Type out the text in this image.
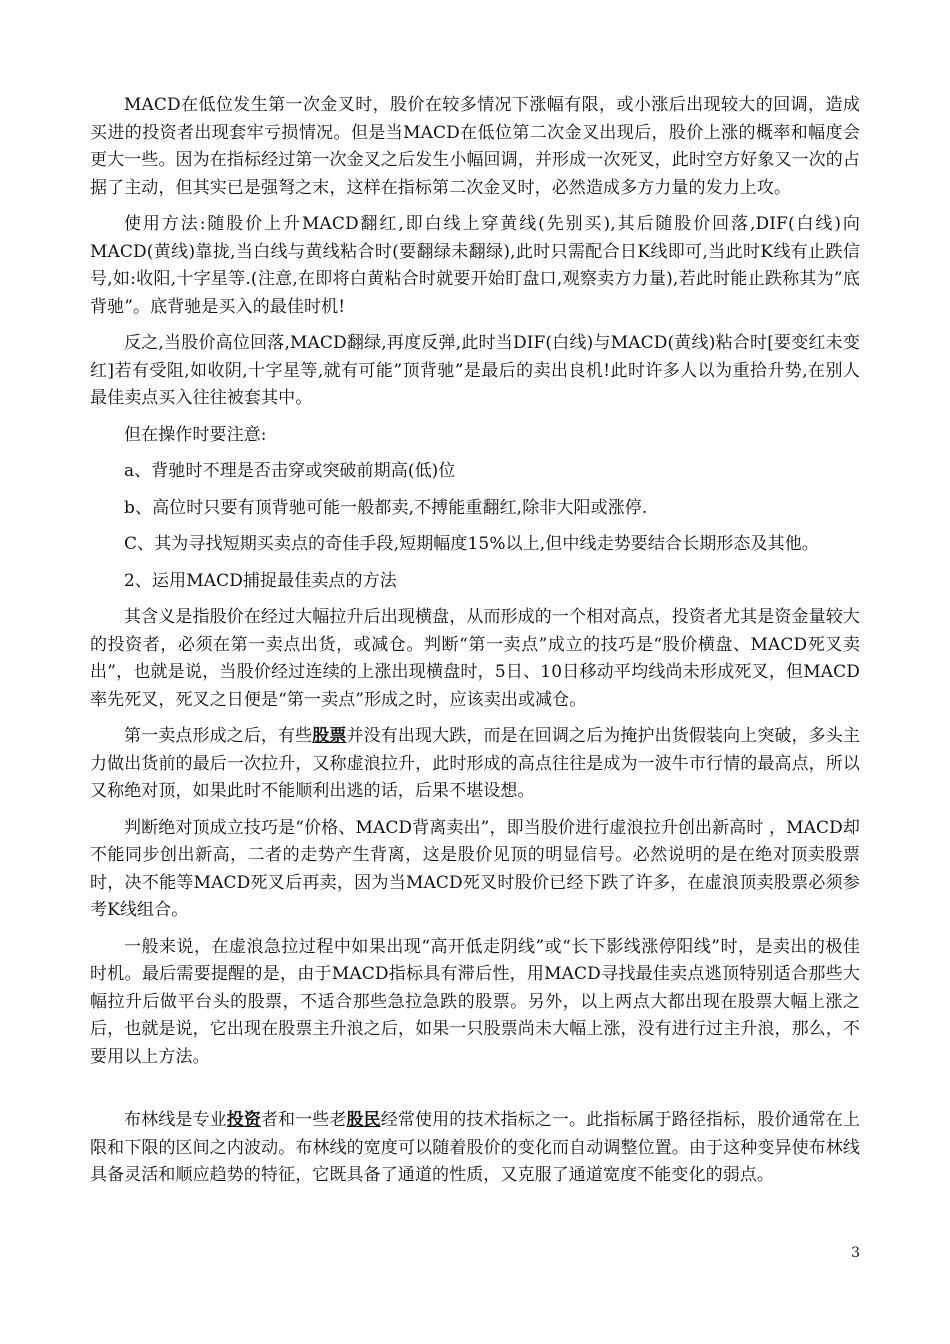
MACD在低位发生第一次金叉时，股价在较多情况下涨幅有限，或小涨后出现较大的回调，造成买进的投资者出现套牢亏损情况。但是当MACD在低位第二次金叉出现后，股价上涨的概率和幅度会更大一些。因为在指标经过第一次金叉之后发生小幅回调，并形成一次死叉，此时空方好象又一次的占据了主动，但其实已是强弩之末，这样在指标第二次金叉时，必然造成多方力量的发力上攻。

使用方法:随股价上升MACD翻红,即白线上穿黄线(先别买),其后随股价回落,DIF(白线)向MACD(黄线)靠拢,当白线与黄线粘合时(要翻绿未翻绿),此时只需配合日K线即可,当此时K线有止跌信号,如:收阳,十字星等.(注意,在即将白黄粘合时就要开始盯盘口,观察卖方力量),若此时能止跌称其为”底背驰”。底背驰是买入的最佳时机!

反之,当股价高位回落,MACD翻绿,再度反弹,此时当DIF(白线)与MACD(黄线)粘合时[要变红未变红]若有受阻,如收阴,十字星等,就有可能”顶背驰”是最后的卖出良机!此时许多人以为重拾升势,在别人最佳卖点买入往往被套其中。

但在操作时要注意:

a、背驰时不理是否击穿或突破前期高(低)位

b、高位时只要有顶背驰可能一般都卖,不搏能重翻红,除非大阳或涨停.

C、其为寻找短期买卖点的奇佳手段,短期幅度15%以上,但中线走势要结合长期形态及其他。

2、运用MACD捕捉最佳卖点的方法

其含义是指股价在经过大幅拉升后出现横盘，从而形成的一个相对高点，投资者尤其是资金量较大的投资者，必须在第一卖点出货，或减仓。判断“第一卖点”成立的技巧是“股价横盘、MACD死叉卖出”，也就是说，当股价经过连续的上涨出现横盘时，5日、10日移动平均线尚未形成死叉，但MACD率先死叉，死叉之日便是“第一卖点”形成之时，应该卖出或减仓。

第一卖点形成之后，有些股票并没有出现大跌，而是在回调之后为掩护出货假装向上突破，多头主力做出货前的最后一次拉升，又称虚浪拉升，此时形成的高点往往是成为一波牛市行情的最高点，所以又称绝对顶，如果此时不能顺利出逃的话，后果不堪设想。

判断绝对顶成立技巧是“价格、MACD背离卖出”，即当股价进行虚浪拉升创出新高时 ，MACD却不能同步创出新高，二者的走势产生背离，这是股价见顶的明显信号。必然说明的是在绝对顶卖股票时，决不能等MACD死叉后再卖，因为当MACD死叉时股价已经下跌了许多，在虚浪顶卖股票必须参考K线组合。

一般来说，在虚浪急拉过程中如果出现“高开低走阴线”或“长下影线涨停阳线”时，是卖出的极佳时机。最后需要提醒的是，由于MACD指标具有滞后性，用MACD寻找最佳卖点逃顶特别适合那些大幅拉升后做平台头的股票，不适合那些急拉急跌的股票。另外，以上两点大都出现在股票大幅上涨之后，也就是说，它出现在股票主升浪之后，如果一只股票尚未大幅上涨，没有进行过主升浪，那么，不要用以上方法。

布林线是专业投资者和一些老股民经常使用的技术指标之一。此指标属于路径指标，股价通常在上限和下限的区间之内波动。布林线的宽度可以随着股价的变化而自动调整位置。由于这种变异使布林线具备灵活和顺应趋势的特征，它既具备了通道的性质，又克服了通道宽度不能变化的弱点。

3
